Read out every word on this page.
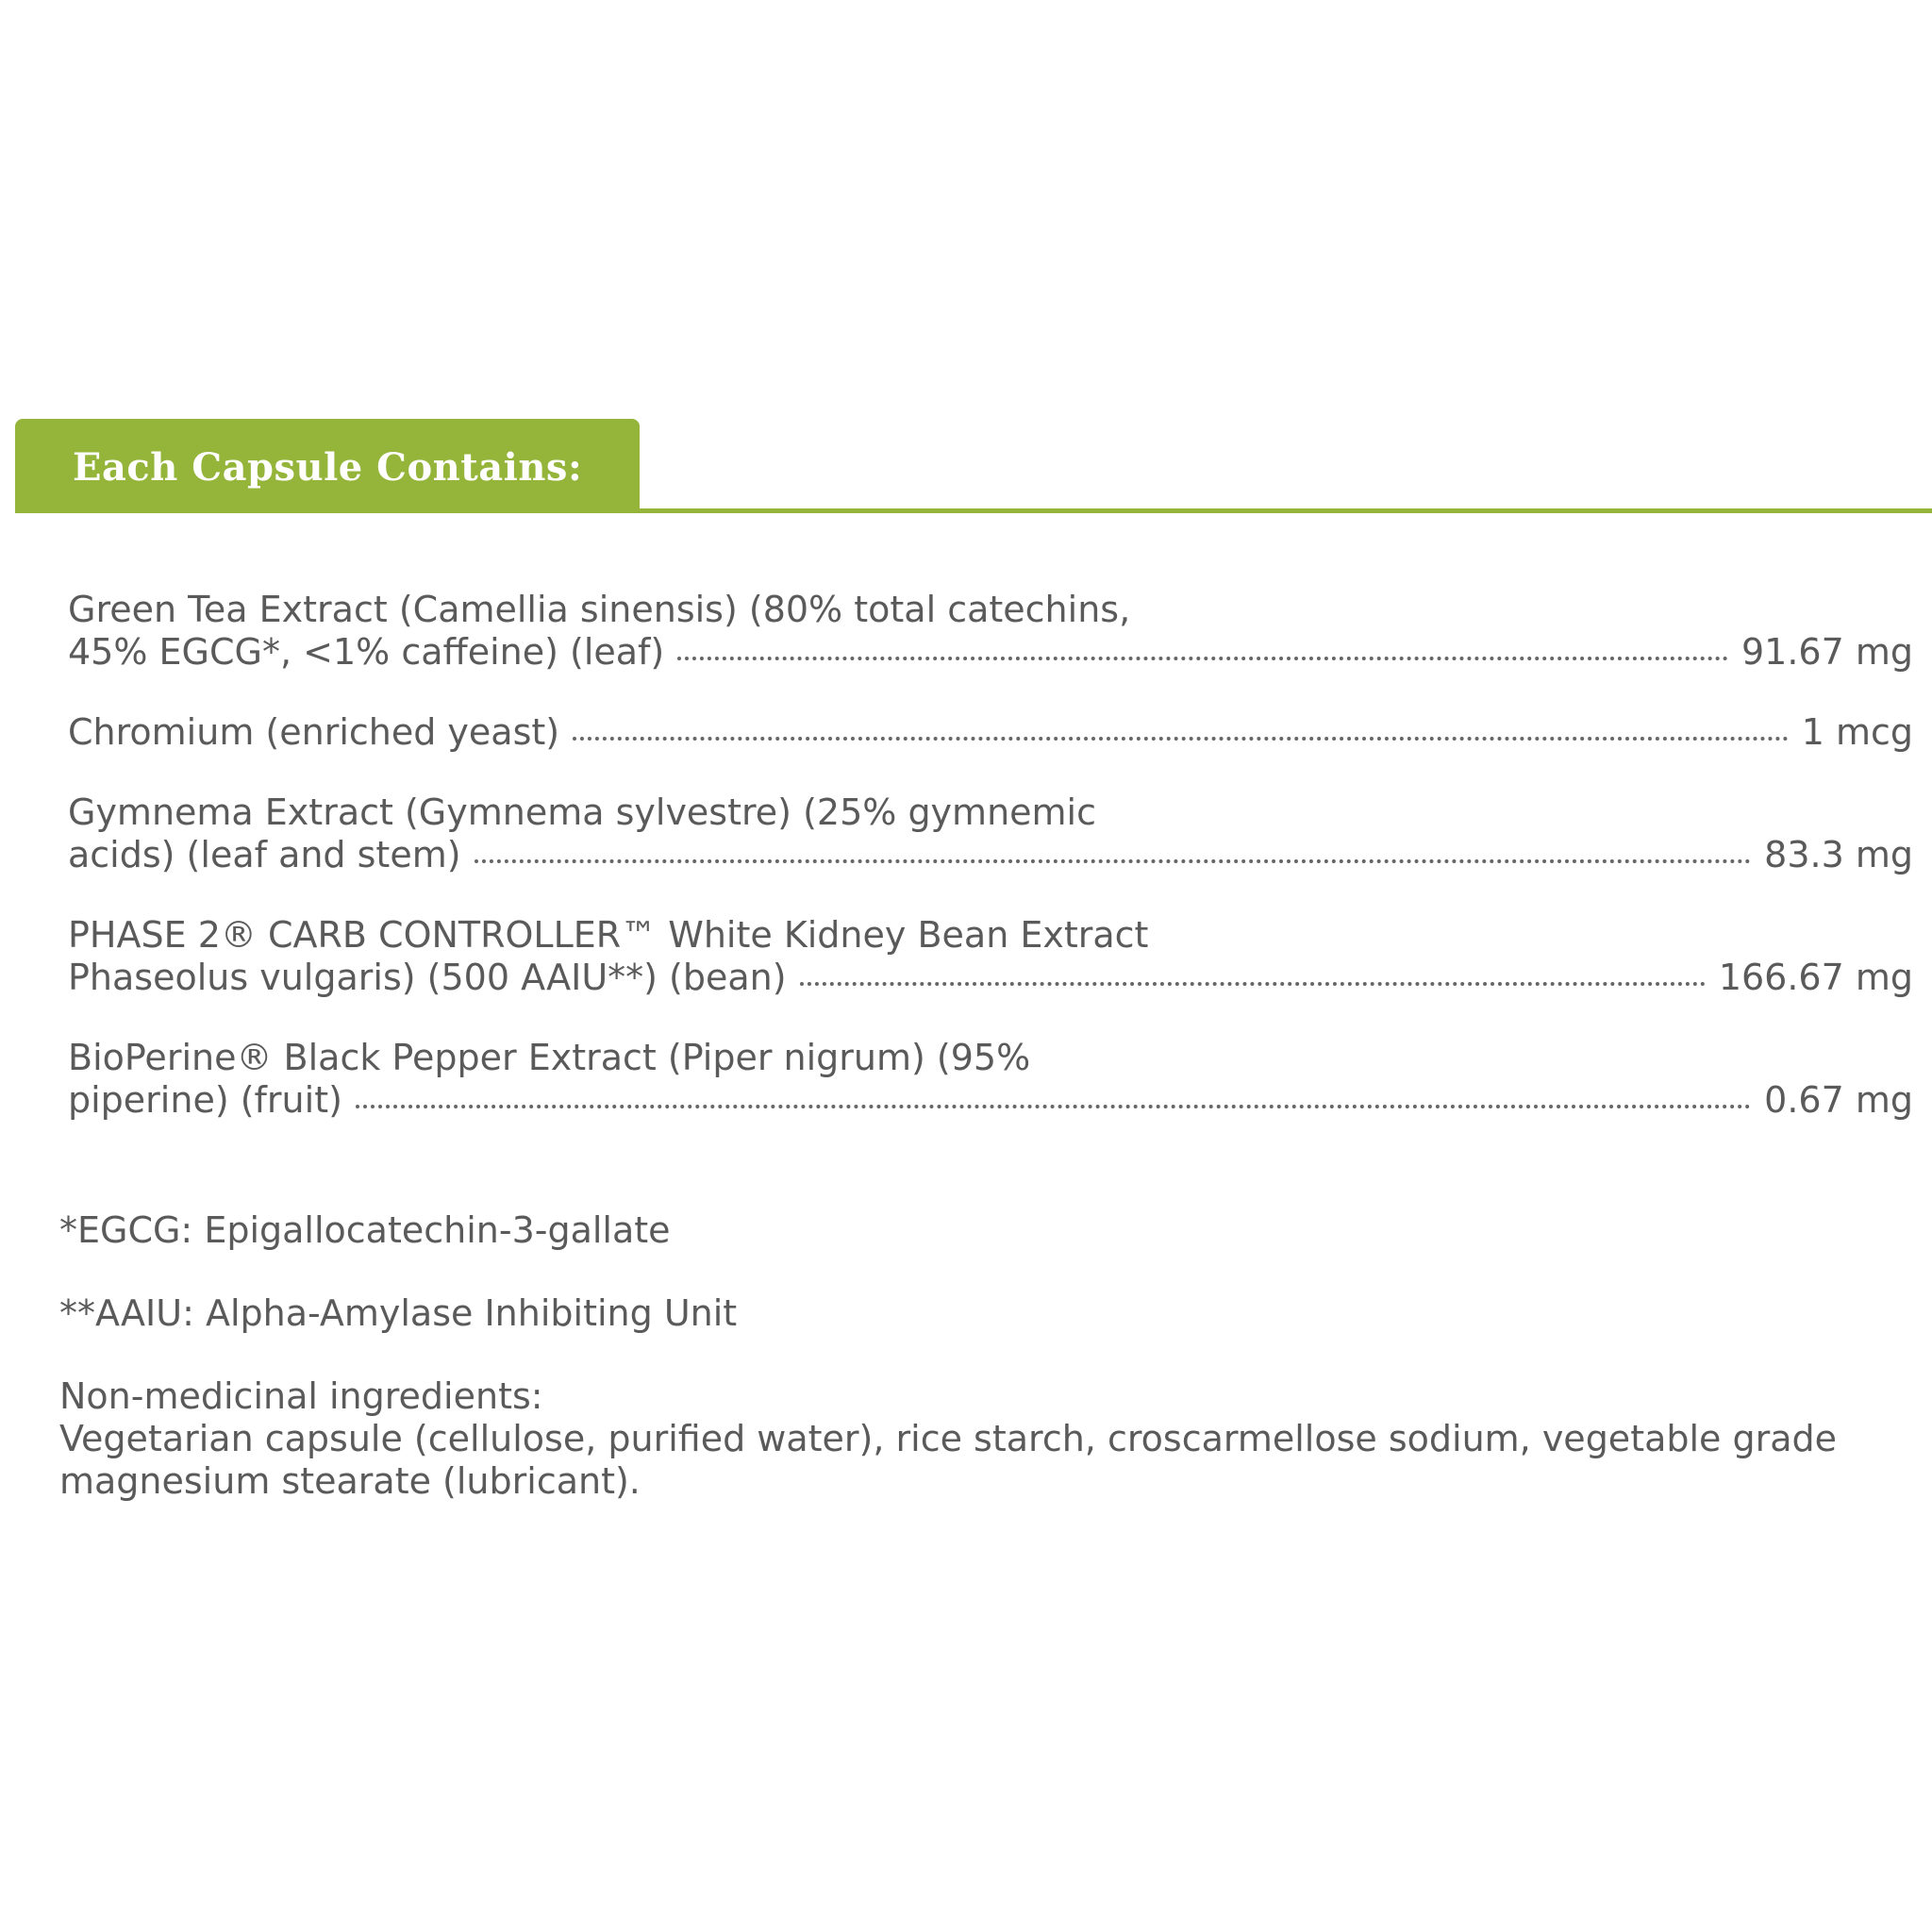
Each Capsule Contains:
Green Tea Extract (Camellia sinensis) (80% total catechins,
45% EGCG*, <1% caffeine) (leaf)	91.67 mg
Chromium (enriched yeast)	1 mcg
Gymnema Extract (Gymnema sylvestre) (25% gymnemic
acids) (leaf and stem)	83.3 mg
PHASE 2® CARB CONTROLLER™ White Kidney Bean Extract
Phaseolus vulgaris) (500 AAIU**) (bean)	166.67 mg
BioPerine® Black Pepper Extract (Piper nigrum) (95%
piperine) (fruit)	0.67 mg
*EGCG: Epigallocatechin-3-gallate
**AAIU: Alpha-Amylase Inhibiting Unit
Non-medicinal ingredients:
Vegetarian capsule (cellulose, purified water), rice starch, croscarmellose sodium, vegetable grade magnesium stearate (lubricant).
